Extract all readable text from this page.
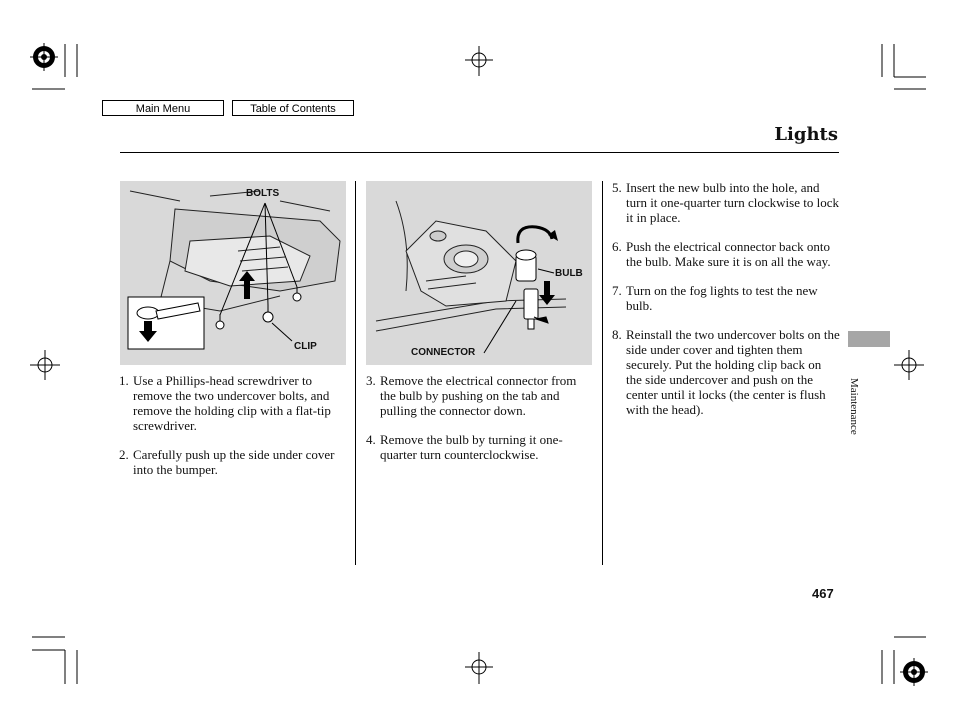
Main Menu	Table of Contents
Lights
BOLTS
CLIP
BULB
CONNECTOR
1. Use a Phillips-head screwdriver to remove the two undercover bolts, and remove the holding clip with a flat-tip screwdriver.
2. Carefully push up the side under cover into the bumper.
3. Remove the electrical connector from the bulb by pushing on the tab and pulling the connector down.
4. Remove the bulb by turning it one-quarter turn counterclockwise.
5. Insert the new bulb into the hole, and turn it one-quarter turn clockwise to lock it in place.
6. Push the electrical connector back onto the bulb. Make sure it is on all the way.
7. Turn on the fog lights to test the new bulb.
8. Reinstall the two undercover bolts on the side under cover and tighten them securely. Put the holding clip back on the side undercover and push on the center until it locks (the center is flush with the head).	Maintenance
467
